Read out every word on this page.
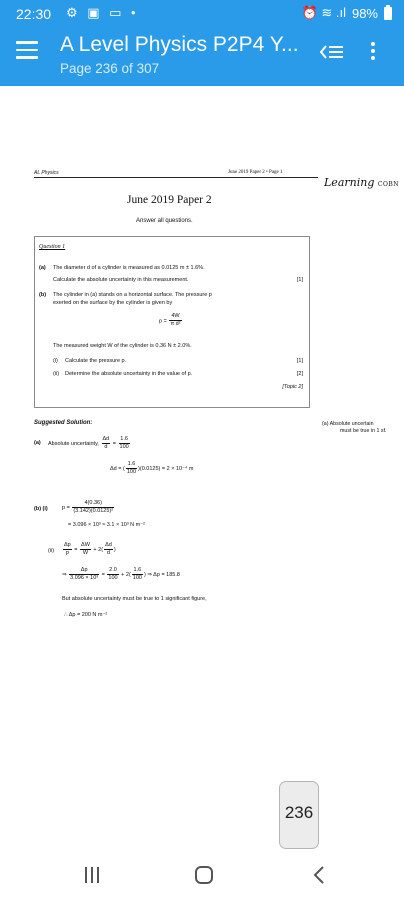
22:30 ⚙ ▣ ▭ •	⏰ ≋ .ıl 98%
A Level Physics P2P4 Y...
Page 236 of 307
AL Physics	June 2019 Paper 2 • Page 1
Learning COBN
June 2019 Paper 2
Answer all questions.
Question 1
(a) The diameter d of a cylinder is measured as 0.0125 m ± 1.6%.
Calculate the absolute uncertainty in this measurement.	[1]
(b) The cylinder in (a) stands on a horizontal surface. The pressure p
exerted on the surface by the cylinder is given by
$p = \frac{4W}{\text{π d²}}$
The measured weight W of the cylinder is 0.36 N ± 2.0%.
(i) Calculate the pressure p.	[1]
(ii) Determine the absolute uncertainty in the value of p.	[2]
[Topic 2]
Suggested Solution:
(a) Absolute uncertainty, $\frac{\Delta d}{d} = \frac{1.6}{100}$
Δd = ( $\frac{1.6}{100} )(0.0125) = 2 \times 10^{-4}$ m
(b) (i)	$p = \frac{4(0.36)}{\text{(3.142)(0.0125)²}}$
= 3.096 × 10³ ≈ 3.1 × 10³ N m⁻²
$(ii) \frac{\Delta p}{p} = \frac{\Delta W}{W} + 2( \frac{\Delta d}{d}$ )
⇒ $\frac{\Delta p}{\text{3.096 × 10³}} = \frac{2.0}{100} + 2( \frac{1.6}{100}$ ) ⇒ Δp = 185.8
But absolute uncertainty must be true to 1 significant figure,
∴ Δp = 200 N m⁻²
(a) Absolute uncertain
must be true in 1 sf.
236
